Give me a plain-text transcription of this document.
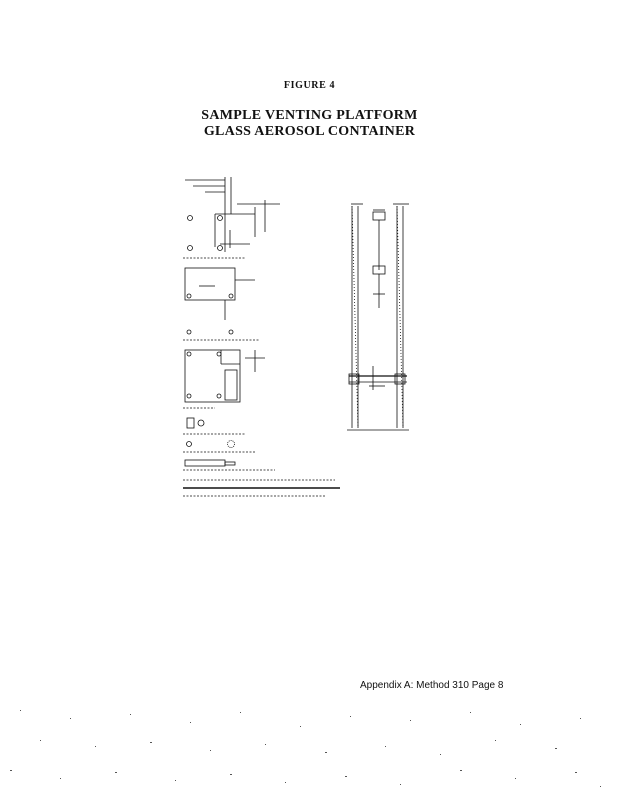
FIGURE 4
SAMPLE VENTING PLATFORM
GLASS AEROSOL CONTAINER
Appendix A: Method 310 Page 8
